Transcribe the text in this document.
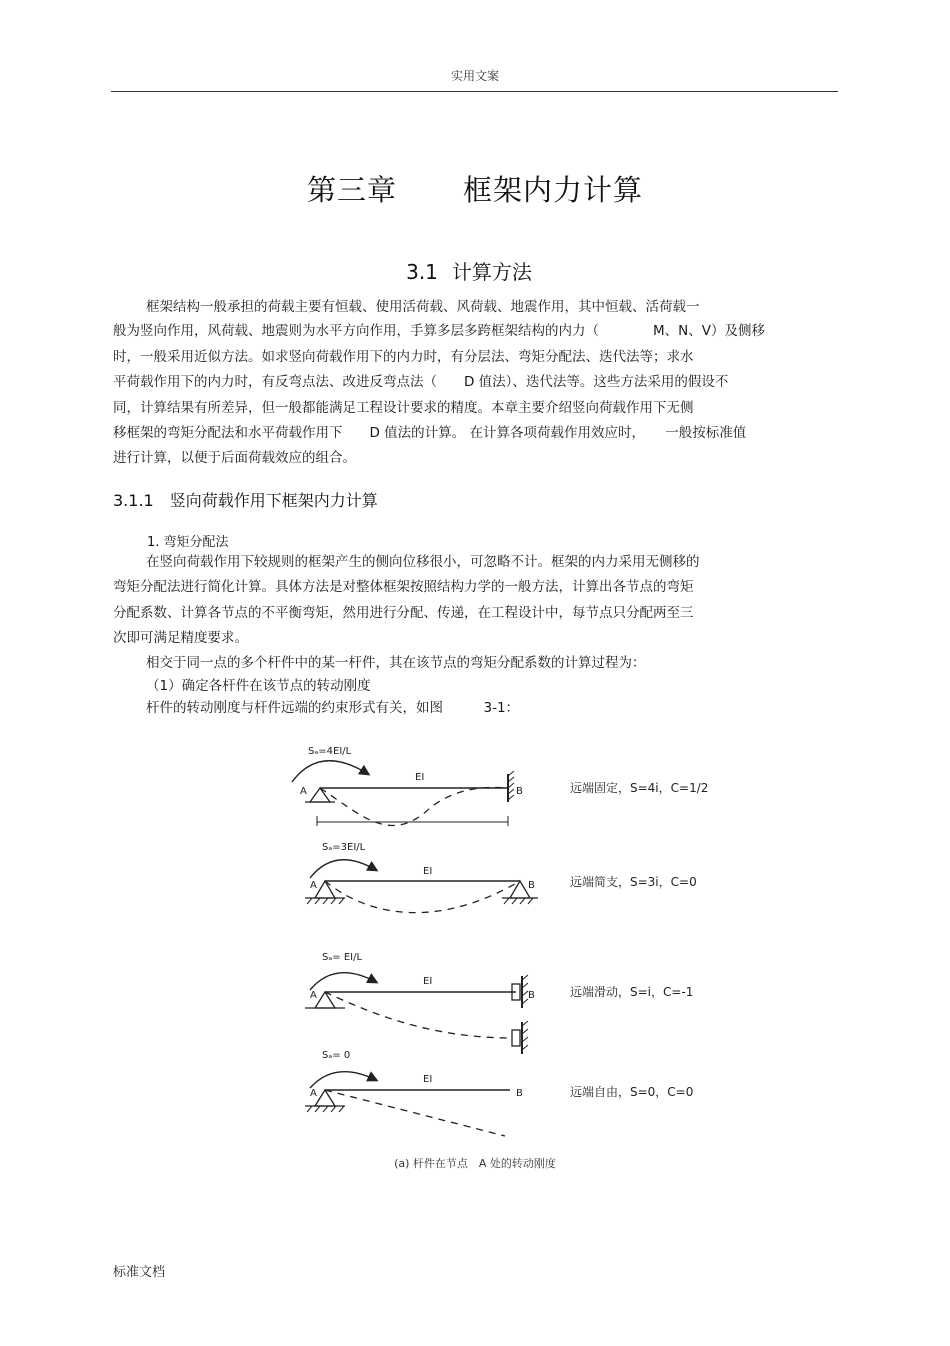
实用文案
第三章 框架内力计算
3.1 计算方法
框架结构一般承担的荷载主要有恒载、使用活荷载、风荷载、地震作用，其中恒载、活荷载一
般为竖向作用，风荷载、地震则为水平方向作用，手算多层多跨框架结构的内力（　　　　M、N、V）及侧移
时，一般采用近似方法。如求竖向荷载作用下的内力时，有分层法、弯矩分配法、迭代法等；求水
平荷载作用下的内力时，有反弯点法、改进反弯点法（　　D 值法）、迭代法等。这些方法采用的假设不
同，计算结果有所差异，但一般都能满足工程设计要求的精度。本章主要介绍竖向荷载作用下无侧
移框架的弯矩分配法和水平荷载作用下　　D 值法的计算。 在计算各项荷载作用效应时，　　一般按标准值
进行计算，以便于后面荷载效应的组合。
3.1.1 竖向荷载作用下框架内力计算
1. 弯矩分配法
在竖向荷载作用下较规则的框架产生的侧向位移很小，可忽略不计。框架的内力采用无侧移的
弯矩分配法进行简化计算。具体方法是对整体框架按照结构力学的一般方法，计算出各节点的弯矩
分配系数、计算各节点的不平衡弯矩，然用进行分配、传递，在工程设计中，每节点只分配两至三
次即可满足精度要求。
相交于同一点的多个杆件中的某一杆件，其在该节点的弯矩分配系数的计算过程为：
（1）确定各杆件在该节点的转动刚度
杆件的转动刚度与杆件远端的约束形式有关，如图　　　3-1：
Sₐ=4EI/L
EI
A	B	远端固定，S=4i，C=1/2
Sₐ=3EI/L
EI
A	B	远端简支，S=3i，C=0
Sₐ= EI/L
EI
A	B	远端滑动，S=i，C=-1
Sₐ= 0
EI
A	B	远端自由，S=0，C=0
(a) 杆件在节点　A 处的转动刚度
标准文档
